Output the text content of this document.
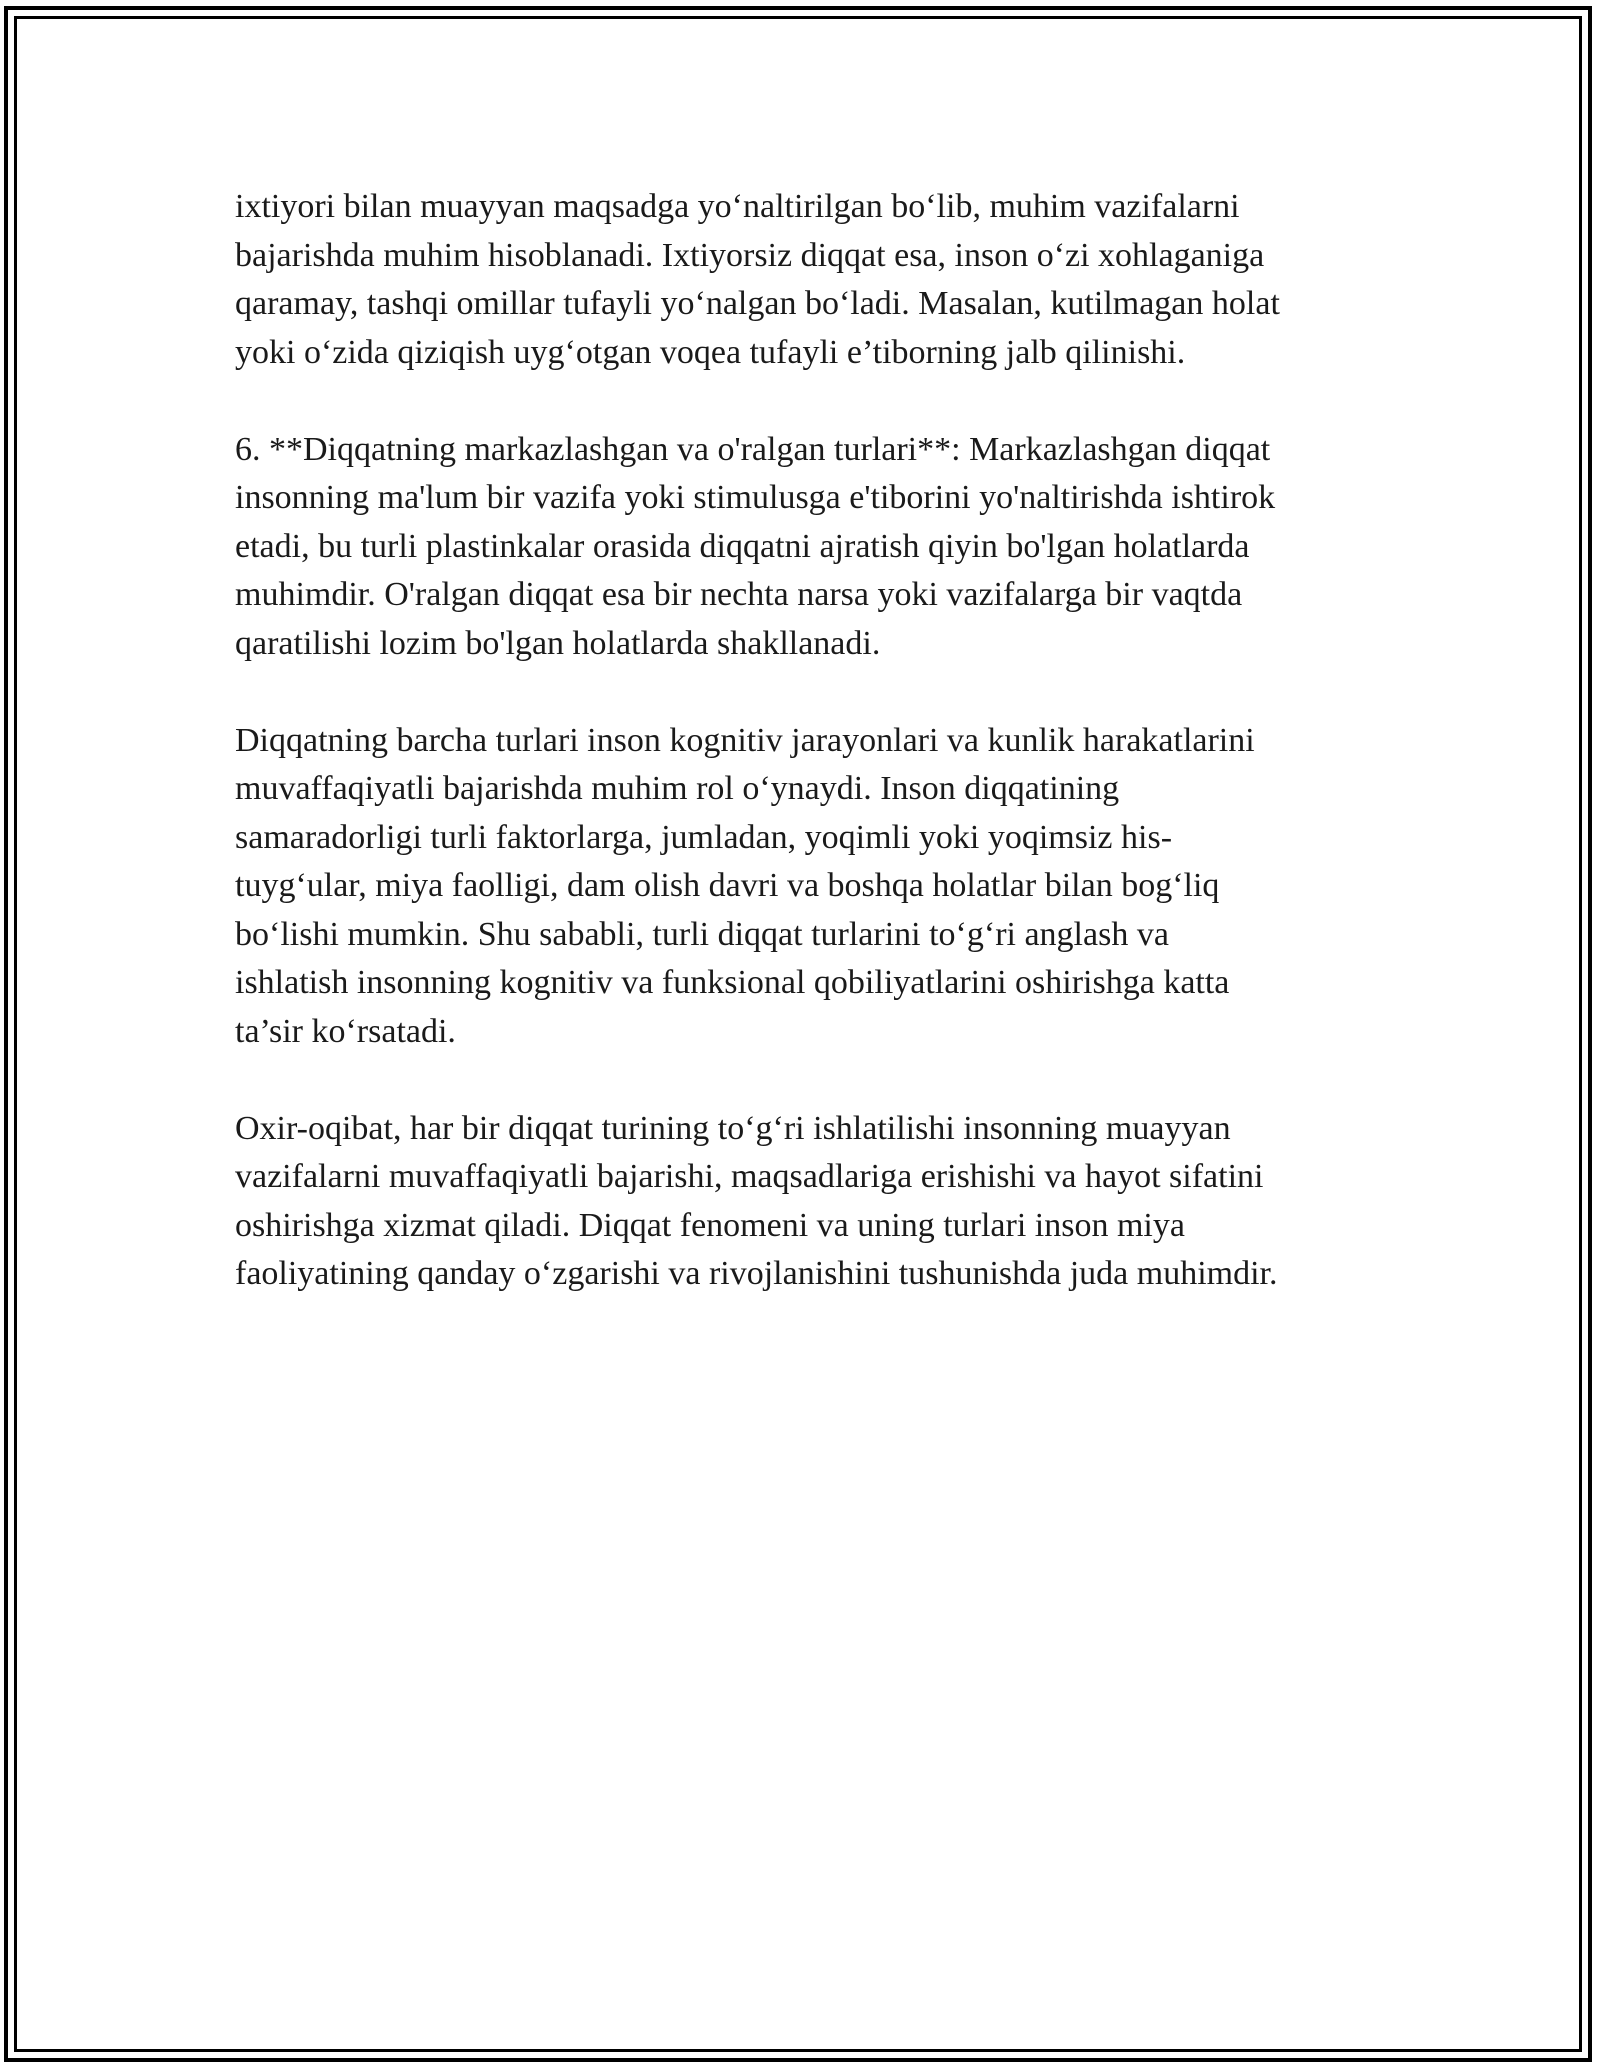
ixtiyori bilan muayyan maqsadga yo‘naltirilgan bo‘lib, muhim vazifalarni
bajarishda muhim hisoblanadi. Ixtiyorsiz diqqat esa, inson o‘zi xohlaganiga
qaramay, tashqi omillar tufayli yo‘nalgan bo‘ladi. Masalan, kutilmagan holat
yoki o‘zida qiziqish uyg‘otgan voqea tufayli e’tiborning jalb qilinishi.

6. **Diqqatning markazlashgan va o'ralgan turlari**: Markazlashgan diqqat
insonning ma'lum bir vazifa yoki stimulusga e'tiborini yo'naltirishda ishtirok
etadi, bu turli plastinkalar orasida diqqatni ajratish qiyin bo'lgan holatlarda
muhimdir. O'ralgan diqqat esa bir nechta narsa yoki vazifalarga bir vaqtda
qaratilishi lozim bo'lgan holatlarda shakllanadi.

Diqqatning barcha turlari inson kognitiv jarayonlari va kunlik harakatlarini
muvaffaqiyatli bajarishda muhim rol o‘ynaydi. Inson diqqatining
samaradorligi turli faktorlarga, jumladan, yoqimli yoki yoqimsiz his-
tuyg‘ular, miya faolligi, dam olish davri va boshqa holatlar bilan bog‘liq
bo‘lishi mumkin. Shu sababli, turli diqqat turlarini to‘g‘ri anglash va
ishlatish insonning kognitiv va funksional qobiliyatlarini oshirishga katta
ta’sir ko‘rsatadi.

Oxir-oqibat, har bir diqqat turining to‘g‘ri ishlatilishi insonning muayyan
vazifalarni muvaffaqiyatli bajarishi, maqsadlariga erishishi va hayot sifatini
oshirishga xizmat qiladi. Diqqat fenomeni va uning turlari inson miya
faoliyatining qanday o‘zgarishi va rivojlanishini tushunishda juda muhimdir.
